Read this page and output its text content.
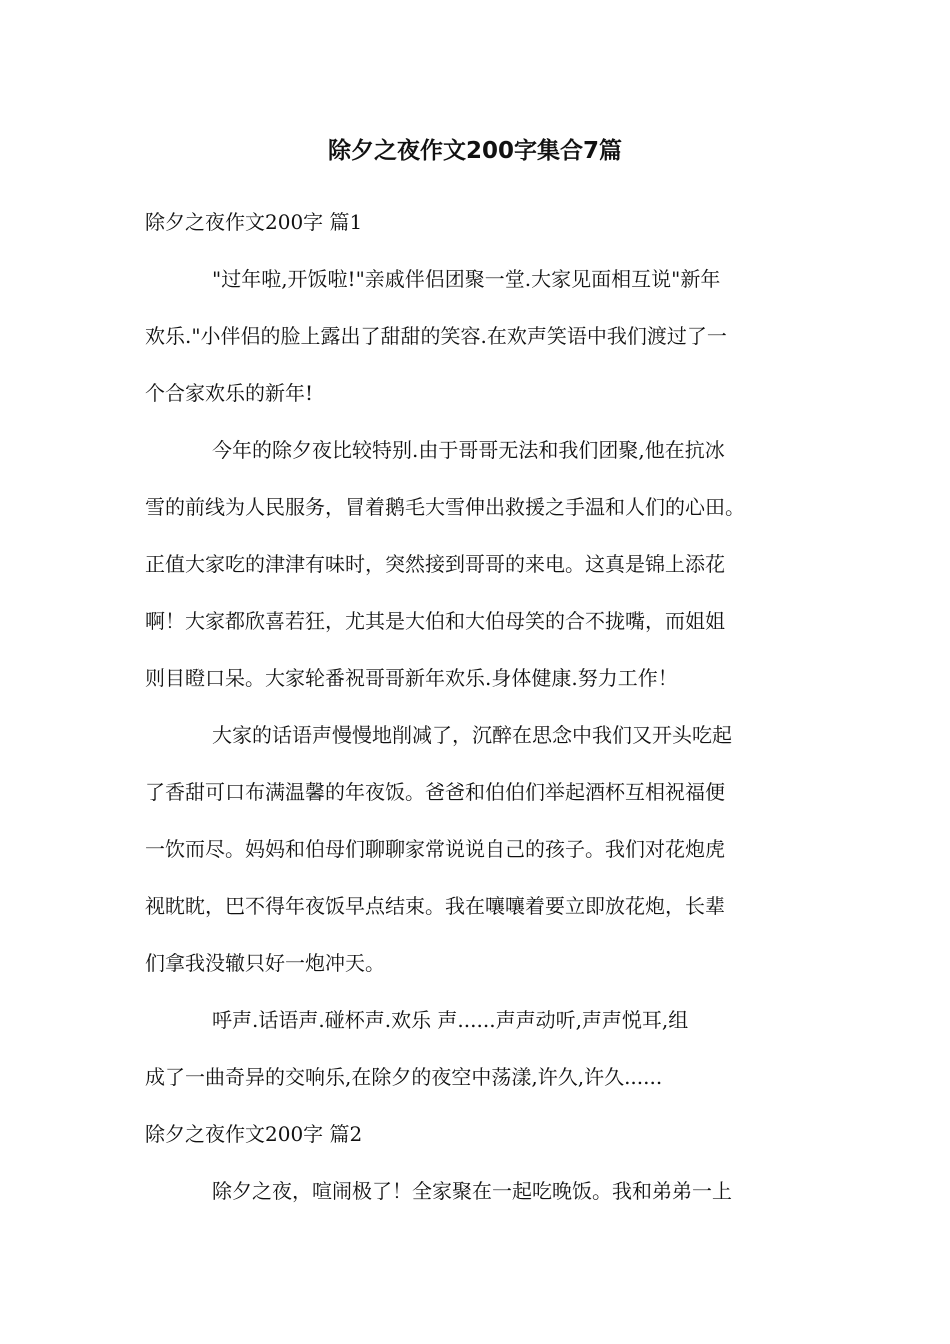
除夕之夜作文200字集合7篇
除夕之夜作文200字 篇1
"过年啦,开饭啦!"亲戚伴侣团聚一堂.大家见面相互说"新年
欢乐."小伴侣的脸上露出了甜甜的笑容.在欢声笑语中我们渡过了一
个合家欢乐的新年!
今年的除夕夜比较特别.由于哥哥无法和我们团聚,他在抗冰
雪的前线为人民服务，冒着鹅毛大雪伸出救援之手温和人们的心田。
正值大家吃的津津有味时，突然接到哥哥的来电。这真是锦上添花
啊！大家都欣喜若狂，尤其是大伯和大伯母笑的合不拢嘴，而姐姐
则目瞪口呆。大家轮番祝哥哥新年欢乐.身体健康.努力工作！
大家的话语声慢慢地削减了，沉醉在思念中我们又开头吃起
了香甜可口布满温馨的年夜饭。爸爸和伯伯们举起酒杯互相祝福便
一饮而尽。妈妈和伯母们聊聊家常说说自己的孩子。我们对花炮虎
视眈眈，巴不得年夜饭早点结束。我在嚷嚷着要立即放花炮，长辈
们拿我没辙只好一炮冲天。
呼声.话语声.碰杯声.欢乐 声......声声动听,声声悦耳,组
成了一曲奇异的交响乐,在除夕的夜空中荡漾,许久,许久......
除夕之夜作文200字 篇2
除夕之夜，喧闹极了！全家聚在一起吃晚饭。我和弟弟一上
